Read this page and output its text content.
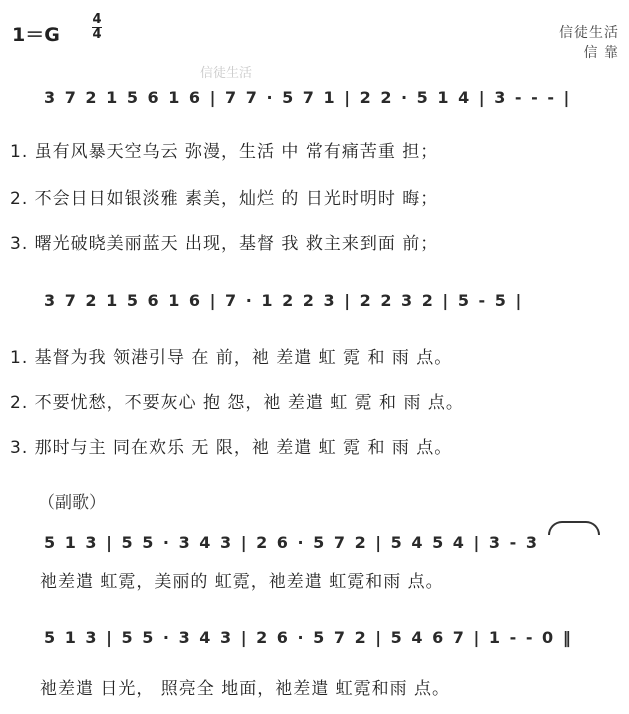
1＝G
4
4	信徒生活
信 靠
信徒生活
3 7 2 1 5 6 1 6 | 7 7 · 5 7 1 | 2 2 · 5 1 4 | 3 - - - |
1. 虽有风暴天空乌云 弥漫，生活 中 常有痛苦重 担；
2. 不会日日如银淡雅 素美，灿烂 的 日光时明时 晦；
3. 曙光破晓美丽蓝天 出现，基督 我 救主来到面 前；
3 7 2 1 5 6 1 6 | 7 · 1 2 2 3 | 2 2 3 2 | 5 - 5 |
1. 基督为我 领港引导 在 前，祂 差遣 虹 霓 和 雨 点。
2. 不要忧愁，不要灰心 抱 怨，祂 差遣 虹 霓 和 雨 点。
3. 那时与主 同在欢乐 无 限，祂 差遣 虹 霓 和 雨 点。
（副歌）
5 1 3 | 5 5 · 3 4 3 | 2 6 · 5 7 2 | 5 4 5 4 | 3 - 3
祂差遣 虹霓，美丽的 虹霓，祂差遣 虹霓和雨 点。
5 1 3 | 5 5 · 3 4 3 | 2 6 · 5 7 2 | 5 4 6 7 | 1 - - 0 ‖
祂差遣 日光， 照亮全 地面，祂差遣 虹霓和雨 点。
